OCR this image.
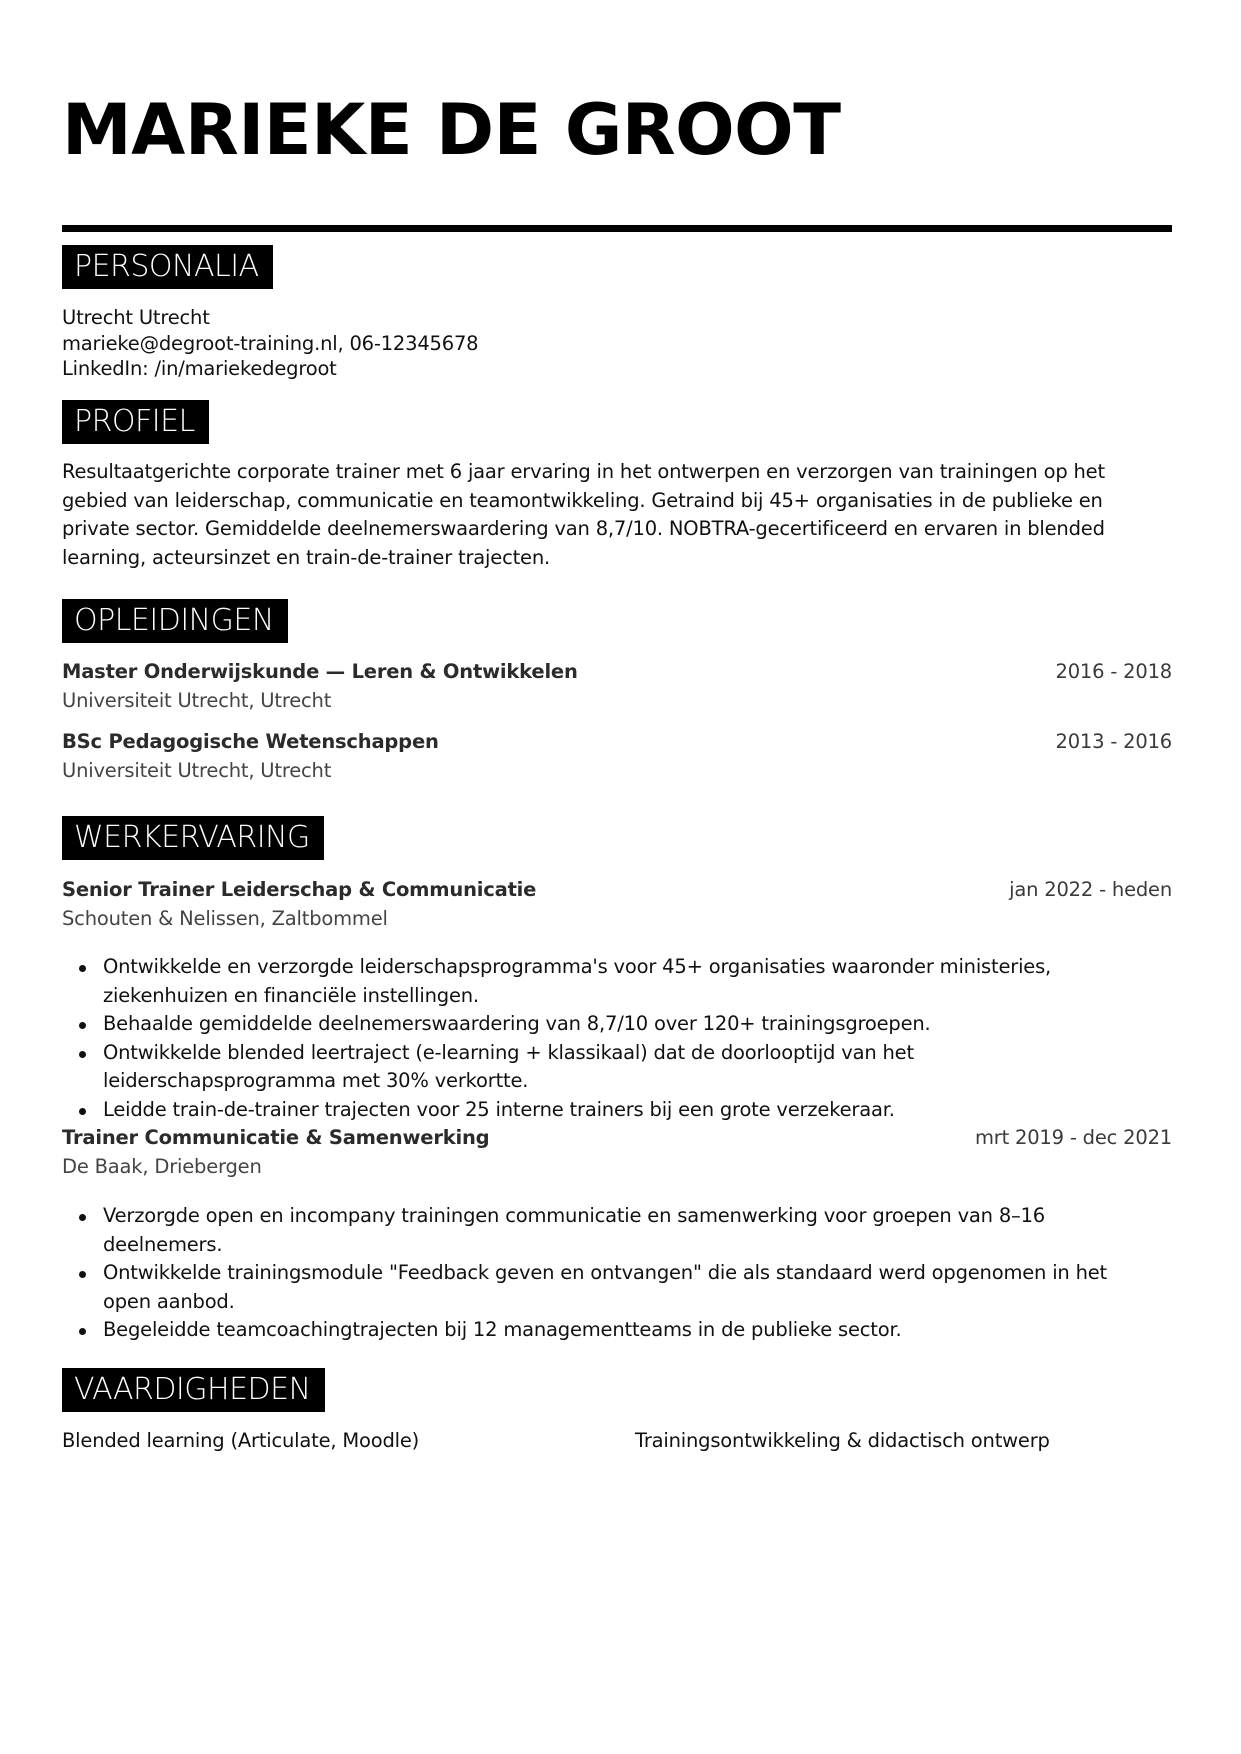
MARIEKE DE GROOT
PERSONALIA
Utrecht Utrecht
marieke@degroot-training.nl, 06-12345678
LinkedIn: /in/mariekedegroot
PROFIEL
Resultaatgerichte corporate trainer met 6 jaar ervaring in het ontwerpen en verzorgen van trainingen op het gebied van leiderschap, communicatie en teamontwikkeling. Getraind bij 45+ organisaties in de publieke en private sector. Gemiddelde deelnemerswaardering van 8,7/10. NOBTRA-gecertificeerd en ervaren in blended learning, acteursinzet en train-de-trainer trajecten.
OPLEIDINGEN
Master Onderwijskunde — Leren & Ontwikkelen	2016 - 2018
Universiteit Utrecht, Utrecht
BSc Pedagogische Wetenschappen	2013 - 2016
Universiteit Utrecht, Utrecht
WERKERVARING
Senior Trainer Leiderschap & Communicatie	jan 2022 - heden
Schouten & Nelissen, Zaltbommel
Ontwikkelde en verzorgde leiderschapsprogramma's voor 45+ organisaties waaronder ministeries, ziekenhuizen en financiële instellingen.
Behaalde gemiddelde deelnemerswaardering van 8,7/10 over 120+ trainingsgroepen.
Ontwikkelde blended leertraject (e-learning + klassikaal) dat de doorlooptijd van het leiderschapsprogramma met 30% verkortte.
Leidde train-de-trainer trajecten voor 25 interne trainers bij een grote verzekeraar.
Trainer Communicatie & Samenwerking	mrt 2019 - dec 2021
De Baak, Driebergen
Verzorgde open en incompany trainingen communicatie en samenwerking voor groepen van 8–16 deelnemers.
Ontwikkelde trainingsmodule "Feedback geven en ontvangen" die als standaard werd opgenomen in het open aanbod.
Begeleidde teamcoachingtrajecten bij 12 managementteams in de publieke sector.
VAARDIGHEDEN
Blended learning (Articulate, Moodle)	Trainingsontwikkeling & didactisch ontwerp
